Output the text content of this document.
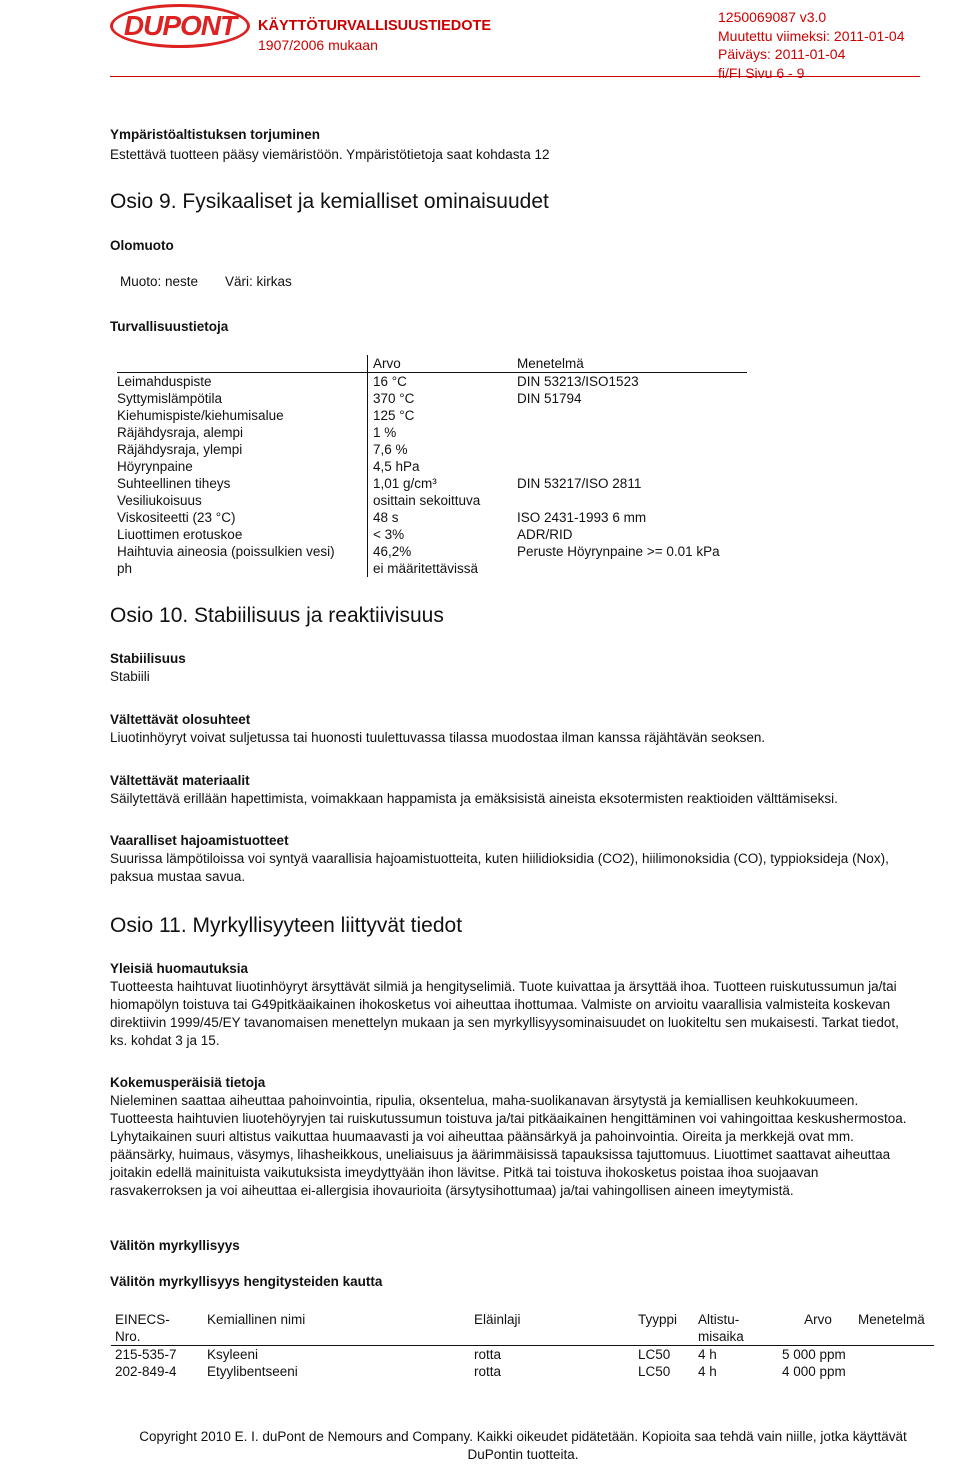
DUPONT	KÄYTTÖTURVALLISUUSTIEDOTE
1907/2006 mukaan
1250069087 v3.0
Muutettu viimeksi: 2011-01-04
Päiväys: 2011-01-04
fi/FI Sivu 6 - 9
Ympäristöaltistuksen torjuminen
Estettävä tuotteen pääsy viemäristöön. Ympäristötietoja saat kohdasta 12
Osio 9. Fysikaaliset ja kemialliset ominaisuudet
Olomuoto
Muoto: neste Väri: kirkas
Turvallisuustietoja
	Arvo	Menetelmä
Leimahduspiste	16 °C	DIN 53213/ISO1523
Syttymislämpötila	370 °C	DIN 51794
Kiehumispiste/kiehumisalue	125 °C	
Räjähdysraja, alempi	1 %	
Räjähdysraja, ylempi	7,6 %	
Höyrynpaine	4,5 hPa	
Suhteellinen tiheys	1,01 g/cm³	DIN 53217/ISO 2811
Vesiliukoisuus	osittain sekoittuva	
Viskositeetti (23 °C)	48 s	ISO 2431-1993 6 mm
Liuottimen erotuskoe	< 3%	ADR/RID
Haihtuvia aineosia (poissulkien vesi)	46,2%	Peruste Höyrynpaine >= 0.01 kPa
ph	ei määritettävissä	
Osio 10. Stabiilisuus ja reaktiivisuus
Stabiilisuus
Stabiili
Vältettävät olosuhteet
Liuotinhöyryt voivat suljetussa tai huonosti tuulettuvassa tilassa muodostaa ilman kanssa räjähtävän seoksen.
Vältettävät materiaalit
Säilytettävä erillään hapettimista, voimakkaan happamista ja emäksisistä aineista eksotermisten reaktioiden välttämiseksi.
Vaaralliset hajoamistuotteet
Suurissa lämpötiloissa voi syntyä vaarallisia hajoamistuotteita, kuten hiilidioksidia (CO2), hiilimonoksidia (CO), typpioksideja (Nox), paksua mustaa savua.
Osio 11. Myrkyllisyyteen liittyvät tiedot
Yleisiä huomautuksia
Tuotteesta haihtuvat liuotinhöyryt ärsyttävät silmiä ja hengityselimiä. Tuote kuivattaa ja ärsyttää ihoa. Tuotteen ruiskutussumun ja/tai hiomapölyn toistuva tai G49pitkäaikainen ihokosketus voi aiheuttaa ihottumaa. Valmiste on arvioitu vaarallisia valmisteita koskevan direktiivin 1999/45/EY tavanomaisen menettelyn mukaan ja sen myrkyllisyysominaisuudet on luokiteltu sen mukaisesti. Tarkat tiedot, ks. kohdat 3 ja 15.
Kokemusperäisiä tietoja
Nieleminen saattaa aiheuttaa pahoinvointia, ripulia, oksentelua, maha-suolikanavan ärsytystä ja kemiallisen keuhkokuumeen. Tuotteesta haihtuvien liuotehöyryjen tai ruiskutussumun toistuva ja/tai pitkäaikainen hengittäminen voi vahingoittaa keskushermostoa. Lyhytaikainen suuri altistus vaikuttaa huumaavasti ja voi aiheuttaa päänsärkyä ja pahoinvointia. Oireita ja merkkejä ovat mm. päänsärky, huimaus, väsymys, lihasheikkous, uneliaisuus ja äärimmäisissä tapauksissa tajuttomuus. Liuottimet saattavat aiheuttaa joitakin edellä mainituista vaikutuksista imeydyttyään ihon lävitse. Pitkä tai toistuva ihokosketus poistaa ihoa suojaavan rasvakerroksen ja voi aiheuttaa ei-allergisia ihovaurioita (ärsytysihottumaa) ja/tai vahingollisen aineen imeytymistä.
Välitön myrkyllisyys
Välitön myrkyllisyys hengitysteiden kautta
EINECS-
Nro.	Kemiallinen nimi	Eläinlaji	Tyyppi	Altistu-
misaika	Arvo	Menetelmä
215-535-7	Ksyleeni	rotta	LC50	4 h	5 000 ppm	
202-849-4	Etyylibentseeni	rotta	LC50	4 h	4 000 ppm	
Copyright 2010 E. I. duPont de Nemours and Company. Kaikki oikeudet pidätetään. Kopioita saa tehdä vain niille, jotka käyttävät DuPontin tuotteita.
